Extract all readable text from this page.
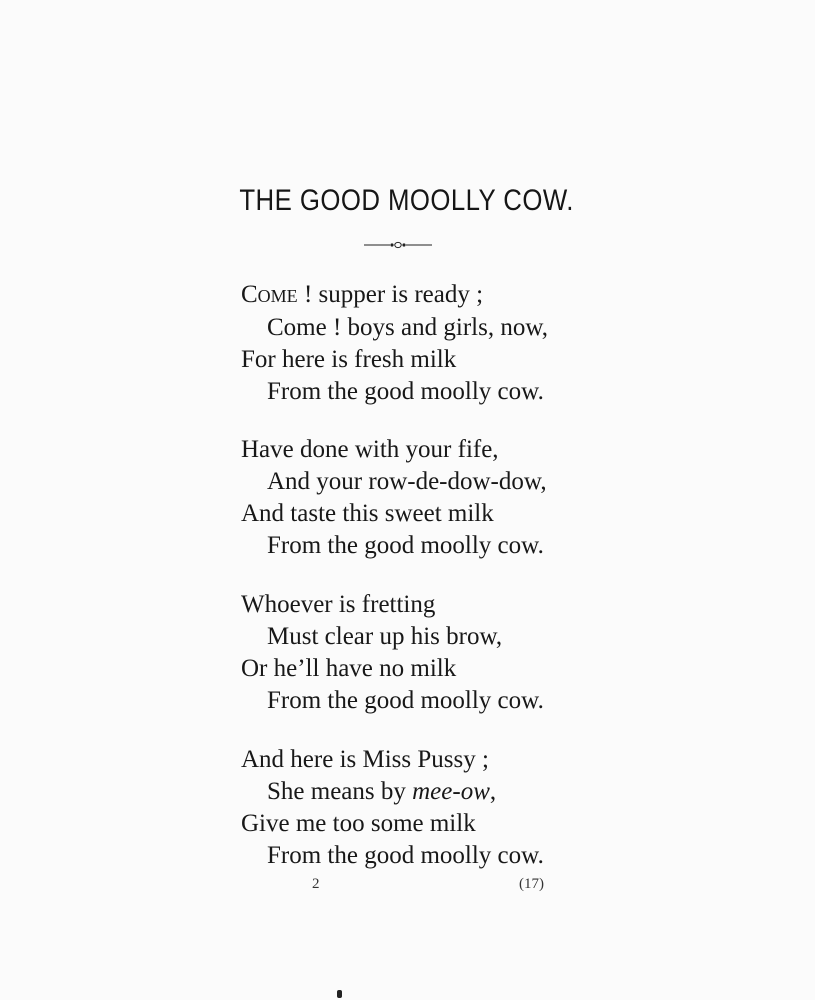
THE GOOD MOOLLY COW.
Come ! supper is ready ;
Come ! boys and girls, now,
For here is fresh milk
From the good moolly cow.
Have done with your fife,
And your row-de-dow-dow,
And taste this sweet milk
From the good moolly cow.
Whoever is fretting
Must clear up his brow,
Or he’ll have no milk
From the good moolly cow.
And here is Miss Pussy ;
She means by mee-ow,
Give me too some milk
From the good moolly cow.
2	(17)
